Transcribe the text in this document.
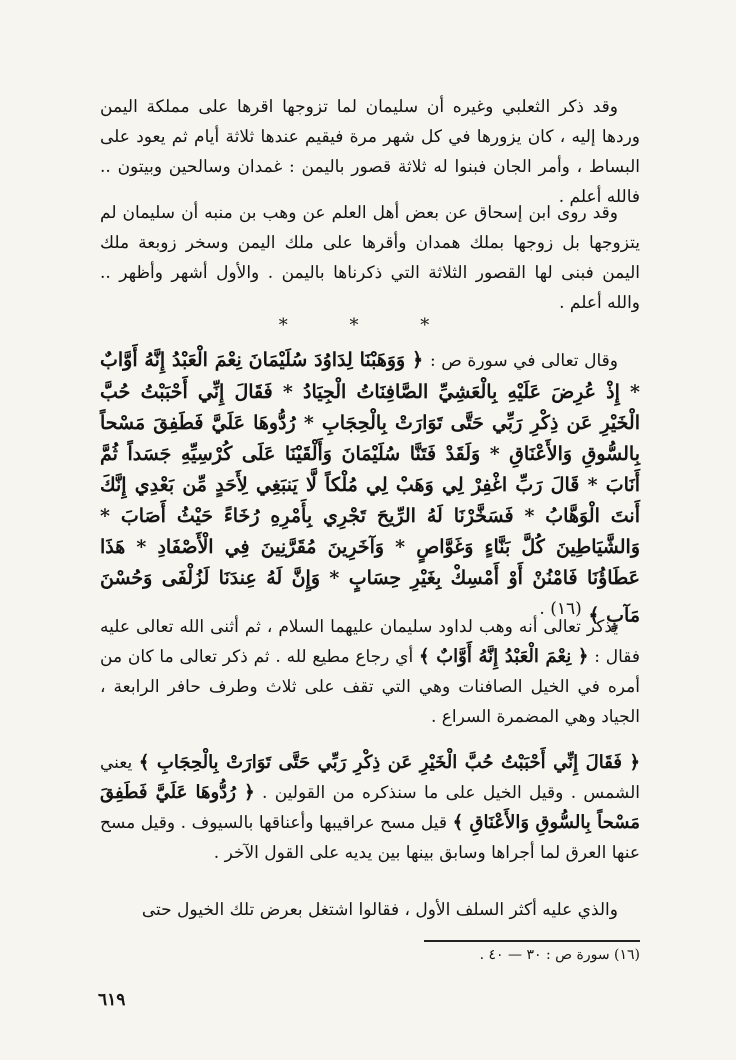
وقد ذكر الثعلبي وغيره أن سليمان لما تزوجها اقرها على مملكة اليمن وردها إليه ، كان يزورها في كل شهر مرة فيقيم عندها ثلاثة أيام ثم يعود على البساط ، وأمر الجان فبنوا له ثلاثة قصور باليمن : غمدان وسالحين وبيتون .. فالله أعلم .

وقد روى ابن إسحاق عن بعض أهل العلم عن وهب بن منبه أن سليمان لم يتزوجها بل زوجها بملك همدان وأقرها على ملك اليمن وسخر زوبعة ملك اليمن فبنى لها القصور الثلاثة التي ذكرناها باليمن . والأول أشهر وأظهر .. والله أعلم .

* * *

وقال تعالى في سورة ص : ﴿ وَوَهَبْنَا لِدَاوُدَ سُلَيْمَانَ نِعْمَ الْعَبْدُ إِنَّهُ أَوَّابٌ * إِذْ عُرِضَ عَلَيْهِ بِالْعَشِيِّ الصَّافِنَاتُ الْجِيَادُ * فَقَالَ إِنِّي أَحْبَبْتُ حُبَّ الْخَيْرِ عَن ذِكْرِ رَبِّي حَتَّى تَوَارَتْ بِالْحِجَابِ * رُدُّوهَا عَلَيَّ فَطَفِقَ مَسْحاً بِالسُّوقِ وَالأَعْنَاقِ * وَلَقَدْ فَتَنَّا سُلَيْمَانَ وَأَلْقَيْنَا عَلَى كُرْسِيِّهِ جَسَداً ثُمَّ أَنَابَ * قَالَ رَبِّ اغْفِرْ لِي وَهَبْ لِي مُلْكاً لَّا يَنبَغِي لِأَحَدٍ مِّن بَعْدِي إِنَّكَ أَنتَ الْوَهَّابُ * فَسَخَّرْنَا لَهُ الرِّيحَ تَجْرِي بِأَمْرِهِ رُخَاءً حَيْثُ أَصَابَ * وَالشَّيَاطِينَ كُلَّ بَنَّاءٍ وَغَوَّاصٍ * وَآخَرِينَ مُقَرَّنِينَ فِي الْأَصْفَادِ * هَذَا عَطَاؤُنَا فَامْنُنْ أَوْ أَمْسِكْ بِغَيْرِ حِسَابٍ * وَإِنَّ لَهُ عِندَنَا لَزُلْفَى وَحُسْنَ مَآبٍ ﴾ $^{(١٦) .}$

يذكر تعالى أنه وهب لداود سليمان عليهما السلام ، ثم أثنى الله تعالى عليه فقال : ﴿ نِعْمَ الْعَبْدُ إِنَّهُ أَوَّابٌ ﴾ أي رجاع مطيع لله . ثم ذكر تعالى ما كان من أمره في الخيل الصافنات وهي التي تقف على ثلاث وطرف حافر الرابعة ، الجياد وهي المضمرة السراع .

﴿ فَقَالَ إِنِّي أَحْبَبْتُ حُبَّ الْخَيْرِ عَن ذِكْرِ رَبِّي حَتَّى تَوَارَتْ بِالْحِجَابِ ﴾ يعني الشمس . وقيل الخيل على ما سنذكره من القولين . ﴿ رُدُّوهَا عَلَيَّ فَطَفِقَ مَسْحاً بِالسُّوقِ وَالأَعْنَاقِ ﴾ قيل مسح عراقيبها وأعناقها بالسيوف . وقيل مسح عنها العرق لما أجراها وسابق بينها بين يديه على القول الآخر .

والذي عليه أكثر السلف الأول ، فقالوا اشتغل بعرض تلك الخيول حتى

(١٦) سورة ص : ٣٠ — ٤٠ .
٦١٩
